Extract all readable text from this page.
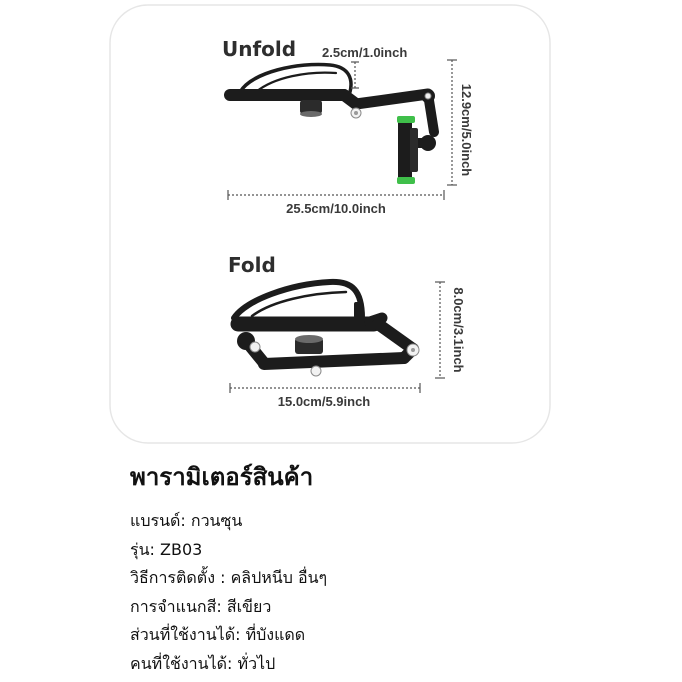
Unfold 2.5cm/1.0inch
12.9cm/5.0inch
25.5cm/10.0inch
Fold
8.0cm/3.1inch
15.0cm/5.9inch
พารามิเตอร์สินค้า
แบรนด์: กวนซุน
รุ่น: ZB03
วิธีการติดตั้ง : คลิปหนีบ อื่นๆ
การจำแนกสี: สีเขียว
ส่วนที่ใช้งานได้: ที่บังแดด
คนที่ใช้งานได้: ทั่วไป
